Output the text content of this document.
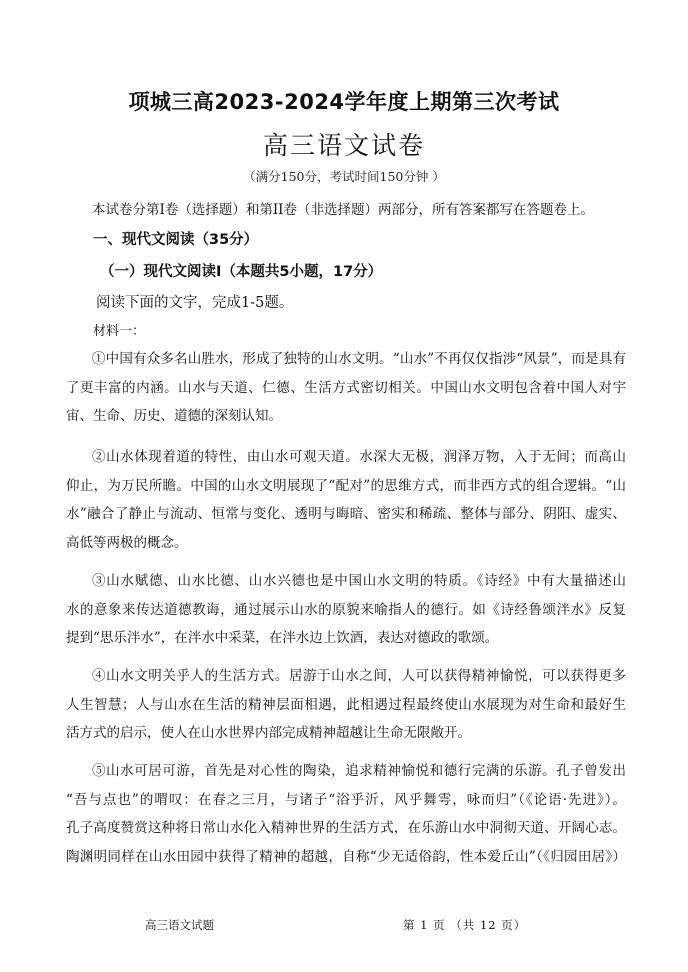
项城三高2023-2024学年度上期第三次考试
高三语文试卷
（满分150分，考试时间150分钟 ）
本试卷分第Ⅰ卷（选择题）和第II卷（非选择题）两部分，所有答案都写在答题卷上。
一、现代文阅读（35分）
（一）现代文阅读Ⅰ（本题共5小题，17分）
阅读下面的文字，完成1-5题。
材料一：
①中国有众多名山胜水，形成了独特的山水文明。“山水”不再仅仅指涉“风景”，而是具有
了更丰富的内涵。山水与天道、仁德、生活方式密切相关。中国山水文明包含着中国人对宇
宙、生命、历史、道德的深刻认知。
②山水体现着道的特性，由山水可观天道。水深大无极，润泽万物，入于无间；而高山
仰止，为万民所瞻。中国的山水文明展现了“配对”的思维方式，而非西方式的组合逻辑。“山
水”融合了静止与流动、恒常与变化、透明与晦暗、密实和稀疏、整体与部分、阴阳、虚实、
高低等两极的概念。
③山水赋德、山水比德、山水兴德也是中国山水文明的特质。《诗经》中有大量描述山
水的意象来传达道德教诲，通过展示山水的原貌来喻指人的德行。如《诗经鲁颂泮水》反复
提到“思乐泮水”，在泮水中采菜，在泮水边上饮酒，表达对德政的歌颂。
④山水文明关乎人的生活方式。居游于山水之间，人可以获得精神愉悦，可以获得更多
人生智慧；人与山水在生活的精神层面相遇，此相遇过程最终使山水展现为对生命和最好生
活方式的启示，使人在山水世界内部完成精神超越让生命无限敞开。
⑤山水可居可游，首先是对心性的陶染，追求精神愉悦和德行完满的乐游。孔子曾发出
“吾与点也”的喟叹：在春之三月，与诸子“浴乎沂，风乎舞雩，咏而归”（《论语·先进》）。
孔子高度赞赏这种将日常山水化入精神世界的生活方式，在乐游山水中洞彻天道、开阔心志。
陶渊明同样在山水田园中获得了精神的超越，自称“少无适俗韵，性本爱丘山”（《归园田居》）
高三语文试题	第 1 页 （共 12 页）
